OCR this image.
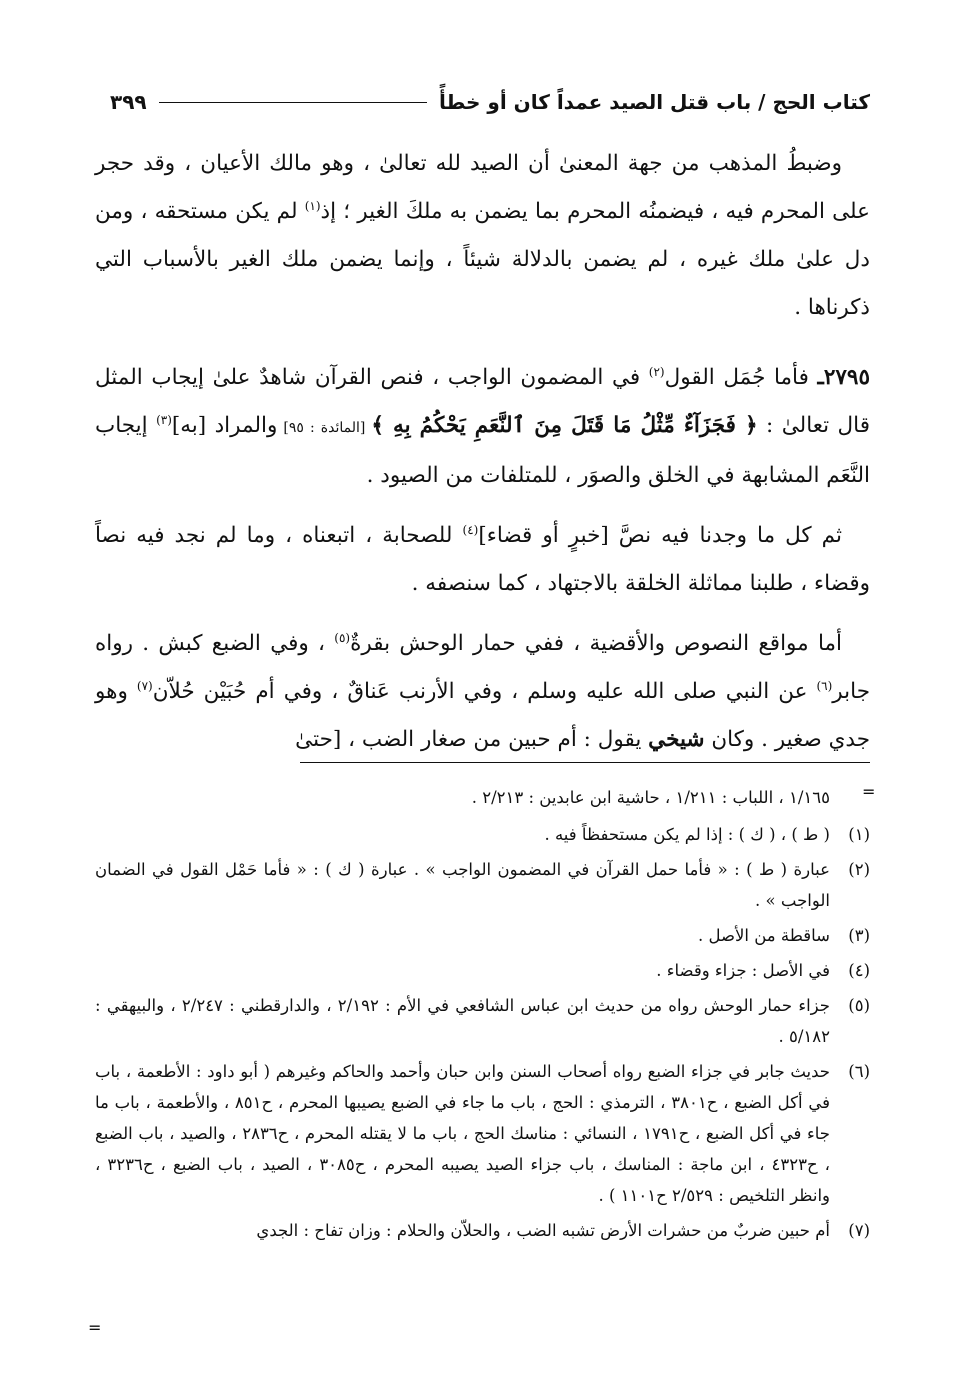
كتاب الحج / باب قتل الصيد عمداً كان أو خطأً
٣٩٩

وضبطُ المذهب من جهة المعنىٰ أن الصيد لله تعالىٰ ، وهو مالك الأعيان ، وقد حجر على المحرم فيه ، فيضمنُه المحرم بما يضمن به ملكَ الغير ؛ إذ$^{(١)}$ لم يكن مستحقه ، ومن دل علىٰ ملك غيره ، لم يضمن بالدلالة شيئاً ، وإنما يضمن ملك الغير بالأسباب التي ذكرناها .

٢٧٩٥ـ فأما جُمَل القول$^{(٢)}$ في المضمون الواجب ، فنص القرآن شاهدٌ علىٰ إيجاب المثل قال تعالىٰ : ﴿ فَجَزَآءٌ مِّثْلُ مَا قَتَلَ مِنَ ٱلنَّعَمِ يَحْكُمُ بِهِ ﴾ [المائدة : ٩٥] والمراد [به]$^{(٣)}$ إيجاب النَّعَم المشابهة في الخلق والصوَر ، للمتلفات من الصيود .

ثم كل ما وجدنا فيه نصَّ [خبرٍ أو قضاء]$^{(٤)}$ للصحابة ، اتبعناه ، وما لم نجد فيه نصاً وقضاء ، طلبنا مماثلة الخلقة بالاجتهاد ، كما سنصفه .

أما مواقع النصوص والأقضية ، ففي حمار الوحش بقرةٌ$^{(٥)}$ ، وفي الضبع كبش . رواه جابر$^{(٦)}$ عن النبي صلى الله عليه وسلم ، وفي الأرنب عَناقٌ ، وفي أم حُبَيْن حُلاّن$^{(٧)}$ وهو جدي صغير . وكان شيخي يقول : أم حبين من صغار الضب ، [حتىٰ

=
١/١٦٥ ، اللباب : ١/٢١١ ، حاشية ابن عابدين : ٢/٢١٣ .
(١)
( ط ) ، ( ك ) : إذا لم يكن مستحفظاً فيه .
(٢)
عبارة ( ط ) : « فأما حمل القرآن في المضمون الواجب » . عبارة ( ك ) : « فأما حَمْل القول في الضمان الواجب » .
(٣)
ساقطة من الأصل .
(٤)
في الأصل : جزاء وقضاء .
(٥)
جزاء حمار الوحش رواه من حديث ابن عباس الشافعي في الأم : ٢/١٩٢ ، والدارقطني : ٢/٢٤٧ ، والبيهقي : ٥/١٨٢ .
(٦)
حديث جابر في جزاء الضبع رواه أصحاب السنن وابن حبان وأحمد والحاكم وغيرهم ( أبو داود : الأطعمة ، باب في أكل الضبع ، ح٣٨٠١ ، الترمذي : الحج ، باب ما جاء في الضبع يصيبها المحرم ، ح٨٥١ ، والأطعمة ، باب ما جاء في أكل الضبع ، ح١٧٩١ ، النسائي : مناسك الحج ، باب ما لا يقتله المحرم ، ح٢٨٣٦ ، والصيد ، باب الضبع ، ح٤٣٢٣ ، ابن ماجة : المناسك ، باب جزاء الصيد يصيبه المحرم ، ح٣٠٨٥ ، الصيد ، باب الضبع ، ح٣٢٣٦ ، وانظر التلخيص : ٢/٥٢٩ ح١١٠١ ) .
(٧)
أم حبين ضربٌ من حشرات الأرض تشبه الضب ، والحلاّن والحلام : وزان تفاح : الجدي
=
